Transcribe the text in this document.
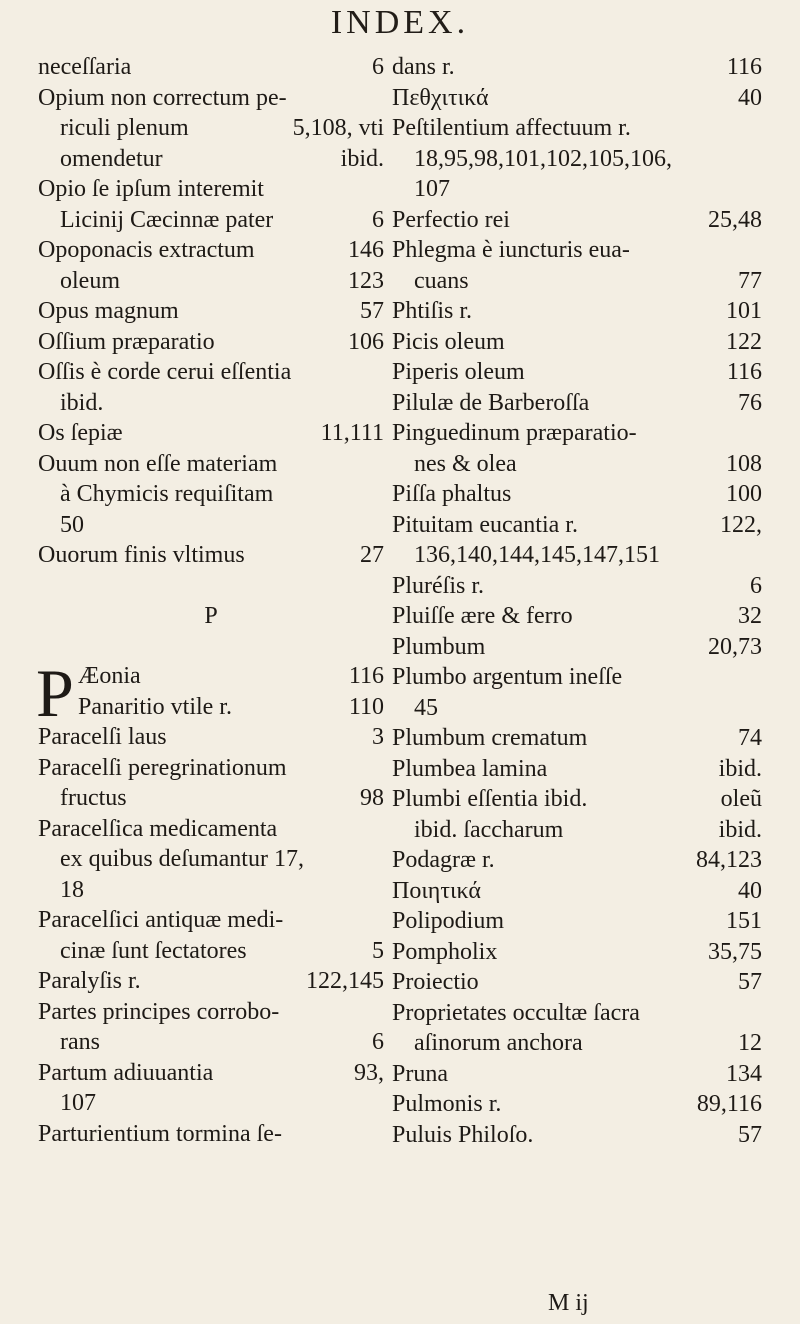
INDEX.
neceſſaria	6
Opium non correctum pe-
riculi plenum	5,108, vti
omendetur	ibid.
Opio ſe ipſum interemit
Licinij Cæcinnæ pater	6
Opoponacis extractum	146
oleum	123
Opus magnum	57
Oſſium præparatio	106
Oſſis è corde cerui eſſentia
ibid.
Os ſepiæ	11,111
Ouum non eſſe materiam
à Chymicis requiſitam
50
Ouorum finis vltimus	27
P
P Æonia	116
Panaritio vtile r.	110
Paracelſi laus	3
Paracelſi peregrinationum
fructus	98
Paracelſica medicamenta
ex quibus deſumantur 17,
18
Paracelſici antiquæ medi-
cinæ ſunt ſectatores	5
Paralyſis r.	122,145
Partes principes corrobo-
rans	6
Partum adiuuantia	93,
107
Parturientium tormina ſe-
dans r.	116
Πεθχιτικά	40
Peſtilentium affectuum r.
18,95,98,101,102,105,106,
107
Perfectio rei	25,48
Phlegma è iuncturis eua-
cuans	77
Phtiſis r.	101
Picis oleum	122
Piperis oleum	116
Pilulæ de Barberoſſa	76
Pinguedinum præparatio-
nes & olea	108
Piſſa phaltus	100
Pituitam eucantia r.	122,
136,140,144,145,147,151
Pluréſis r.	6
Pluiſſe ære & ferro	32
Plumbum	20,73
Plumbo argentum ineſſe
45
Plumbum crematum	74
Plumbea lamina	ibid.
Plumbi eſſentia ibid.	oleũ
ibid. ſaccharum	ibid.
Podagræ r.	84,123
Ποιητικά	40
Polipodium	151
Pompholix	35,75
Proiectio	57
Proprietates occultæ ſacra
aſinorum anchora	12
Pruna	134
Pulmonis r.	89,116
Puluis Philoſo.	57
M ij
